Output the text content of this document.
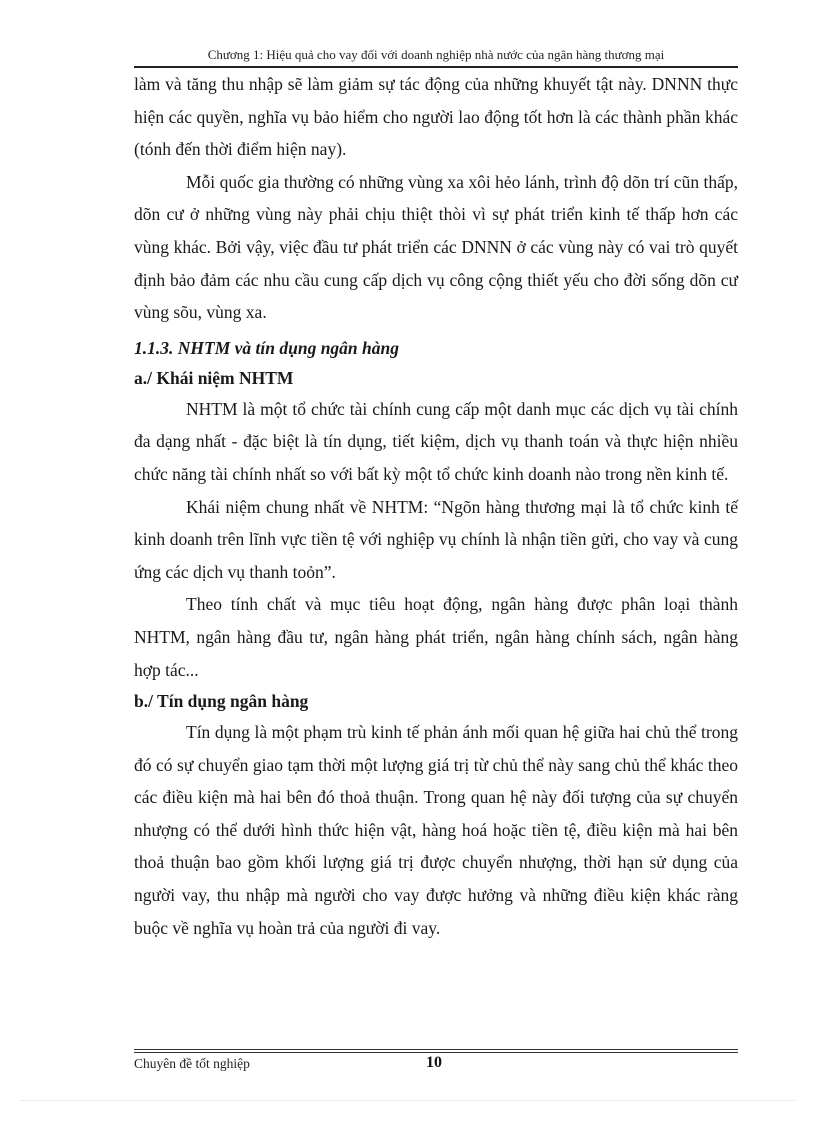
Chương 1: Hiệu quả cho vay đối với doanh nghiệp nhà nước của ngân hàng thương mại

làm và tăng thu nhập sẽ làm giảm sự tác động của những khuyết tật này. DNNN thực hiện các quyền, nghĩa vụ bảo hiểm cho người lao động tốt hơn là các thành phần khác (tónh đến thời điểm hiện nay).

Mỗi quốc gia thường có những vùng xa xôi hẻo lánh, trình độ dõn trí cũn thấp, dõn cư ở những vùng này phải chịu thiệt thòi vì sự phát triển kinh tế thấp hơn các vùng khác. Bởi vậy, việc đầu tư phát triển các DNNN ở các vùng này có vai trò quyết định bảo đảm các nhu cầu cung cấp dịch vụ công cộng thiết yếu cho đời sống dõn cư vùng sõu, vùng xa.

1.1.3. NHTM và tín dụng ngân hàng
a./ Khái niệm NHTM

NHTM là một tổ chức tài chính cung cấp một danh mục các dịch vụ tài chính đa dạng nhất - đặc biệt là tín dụng, tiết kiệm, dịch vụ thanh toán và thực hiện nhiều chức năng tài chính nhất so với bất kỳ một tổ chức kinh doanh nào trong nền kinh tế.

Khái niệm chung nhất về NHTM: “Ngõn hàng thương mại là tổ chức kinh tế kinh doanh trên lĩnh vực tiền tệ với nghiệp vụ chính là nhận tiền gửi, cho vay và cung ứng các dịch vụ thanh toỏn”.

Theo tính chất và mục tiêu hoạt động, ngân hàng được phân loại thành NHTM, ngân hàng đầu tư, ngân hàng phát triển, ngân hàng chính sách, ngân hàng hợp tác...

b./ Tín dụng ngân hàng

Tín dụng là một phạm trù kinh tế phản ánh mối quan hệ giữa hai chủ thể trong đó có sự chuyển giao tạm thời một lượng giá trị từ chủ thể này sang chủ thể khác theo các điều kiện mà hai bên đó thoả thuận. Trong quan hệ này đối tượng của sự chuyển nhượng có thể dưới hình thức hiện vật, hàng hoá hoặc tiền tệ, điều kiện mà hai bên thoả thuận bao gồm khối lượng giá trị được chuyển nhượng, thời hạn sử dụng của người vay, thu nhập mà người cho vay được hưởng và những điều kiện khác ràng buộc về nghĩa vụ hoàn trả của người đi vay.

Chuyên đề tốt nghiệp	10
